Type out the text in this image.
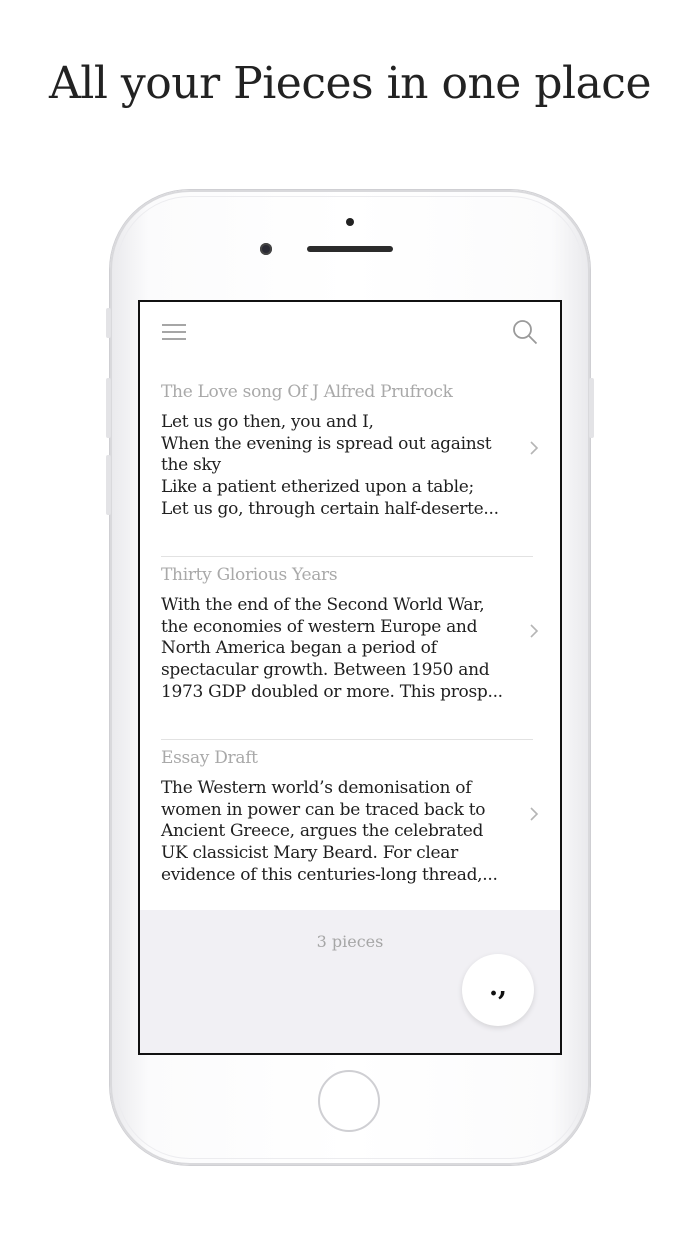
All your Pieces in one place
The Love song Of J Alfred Prufrock
Let us go then, you and I,
When the evening is spread out against the sky
Like a patient etherized upon a table;
Let us go, through certain half-deserte...
Thirty Glorious Years
With the end of the Second World War, the economies of western Europe and North America began a period of spectacular growth. Between 1950 and 1973 GDP doubled or more. This prosp...
Essay Draft
The Western world’s demonisation of women in power can be traced back to Ancient Greece, argues the celebrated UK classicist Mary Beard. For clear evidence of this centuries-long thread,...
3 pieces
.,
